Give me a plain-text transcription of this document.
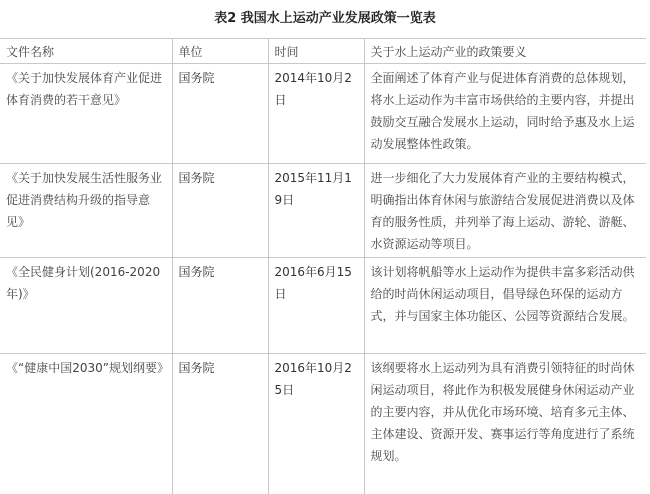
表2 我国水上运动产业发展政策一览表
文件名称	单位	时间	关于水上运动产业的政策要义
《关于加快发展体育产业促进体育消费的若干意见》	国务院	2014年10月2日	全面阐述了体育产业与促进体育消费的总体规划，将水上运动作为丰富市场供给的主要内容，并提出鼓励交互融合发展水上运动，同时给予惠及水上运动发展整体性政策。
《关于加快发展生活性服务业促进消费结构升级的指导意见》	国务院	2015年11月19日	进一步细化了大力发展体育产业的主要结构模式，明确指出体育休闲与旅游结合发展促进消费以及体育的服务性质，并列举了海上运动、游轮、游艇、水资源运动等项目。
《全民健身计划(2016-2020年)》	国务院	2016年6月15日	该计划将帆船等水上运动作为提供丰富多彩活动供给的时尚休闲运动项目，倡导绿色环保的运动方式，并与国家主体功能区、公园等资源结合发展。
《“健康中国2030”规划纲要》	国务院	2016年10月25日	该纲要将水上运动列为具有消费引领特征的时尚休闲运动项目，将此作为积极发展健身休闲运动产业的主要内容，并从优化市场环境、培育多元主体、主体建设、资源开发、赛事运行等角度进行了系统规划。
